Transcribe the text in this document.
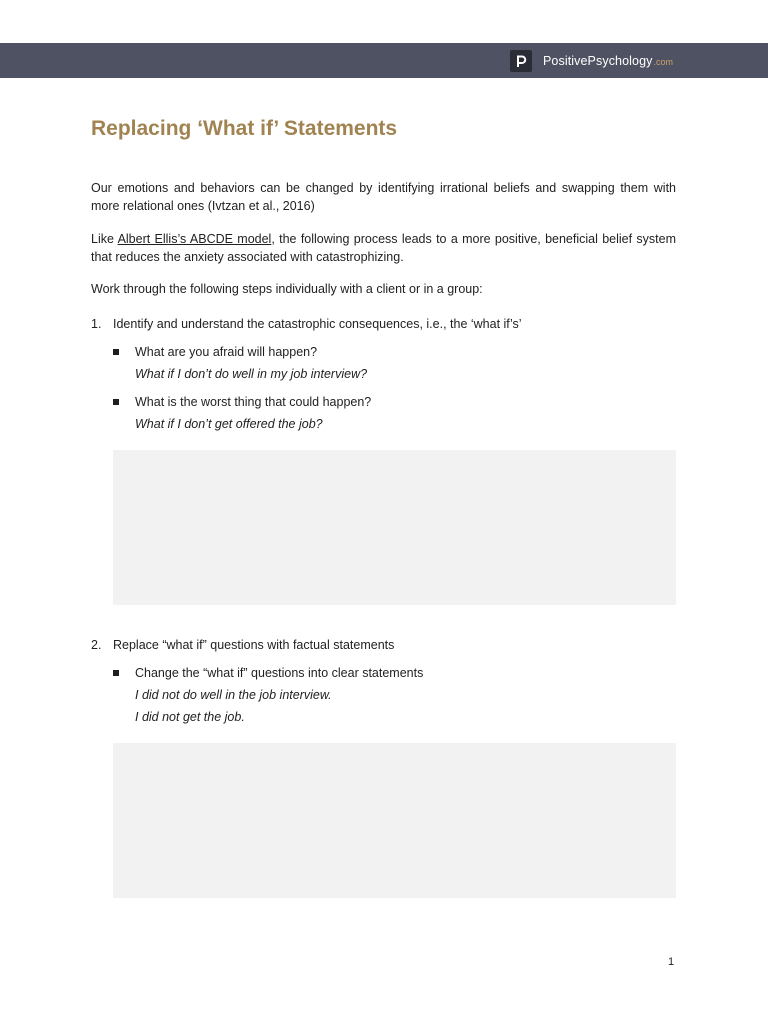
PositivePsychology .com
Replacing ‘What if’ Statements

Our emotions and behaviors can be changed by identifying irrational beliefs and swapping them with more relational ones (Ivtzan et al., 2016)

Like Albert Ellis’s ABCDE model, the following process leads to a more positive, beneficial belief system that reduces the anxiety associated with catastrophizing.

Work through the following steps individually with a client or in a group:

1. Identify and understand the catastrophic consequences, i.e., the ‘what if’s’
What are you afraid will happen?
What if I don’t do well in my job interview?
What is the worst thing that could happen?
What if I don’t get offered the job?
2. Replace “what if” questions with factual statements
Change the “what if” questions into clear statements
I did not do well in the job interview.
I did not get the job.
1
